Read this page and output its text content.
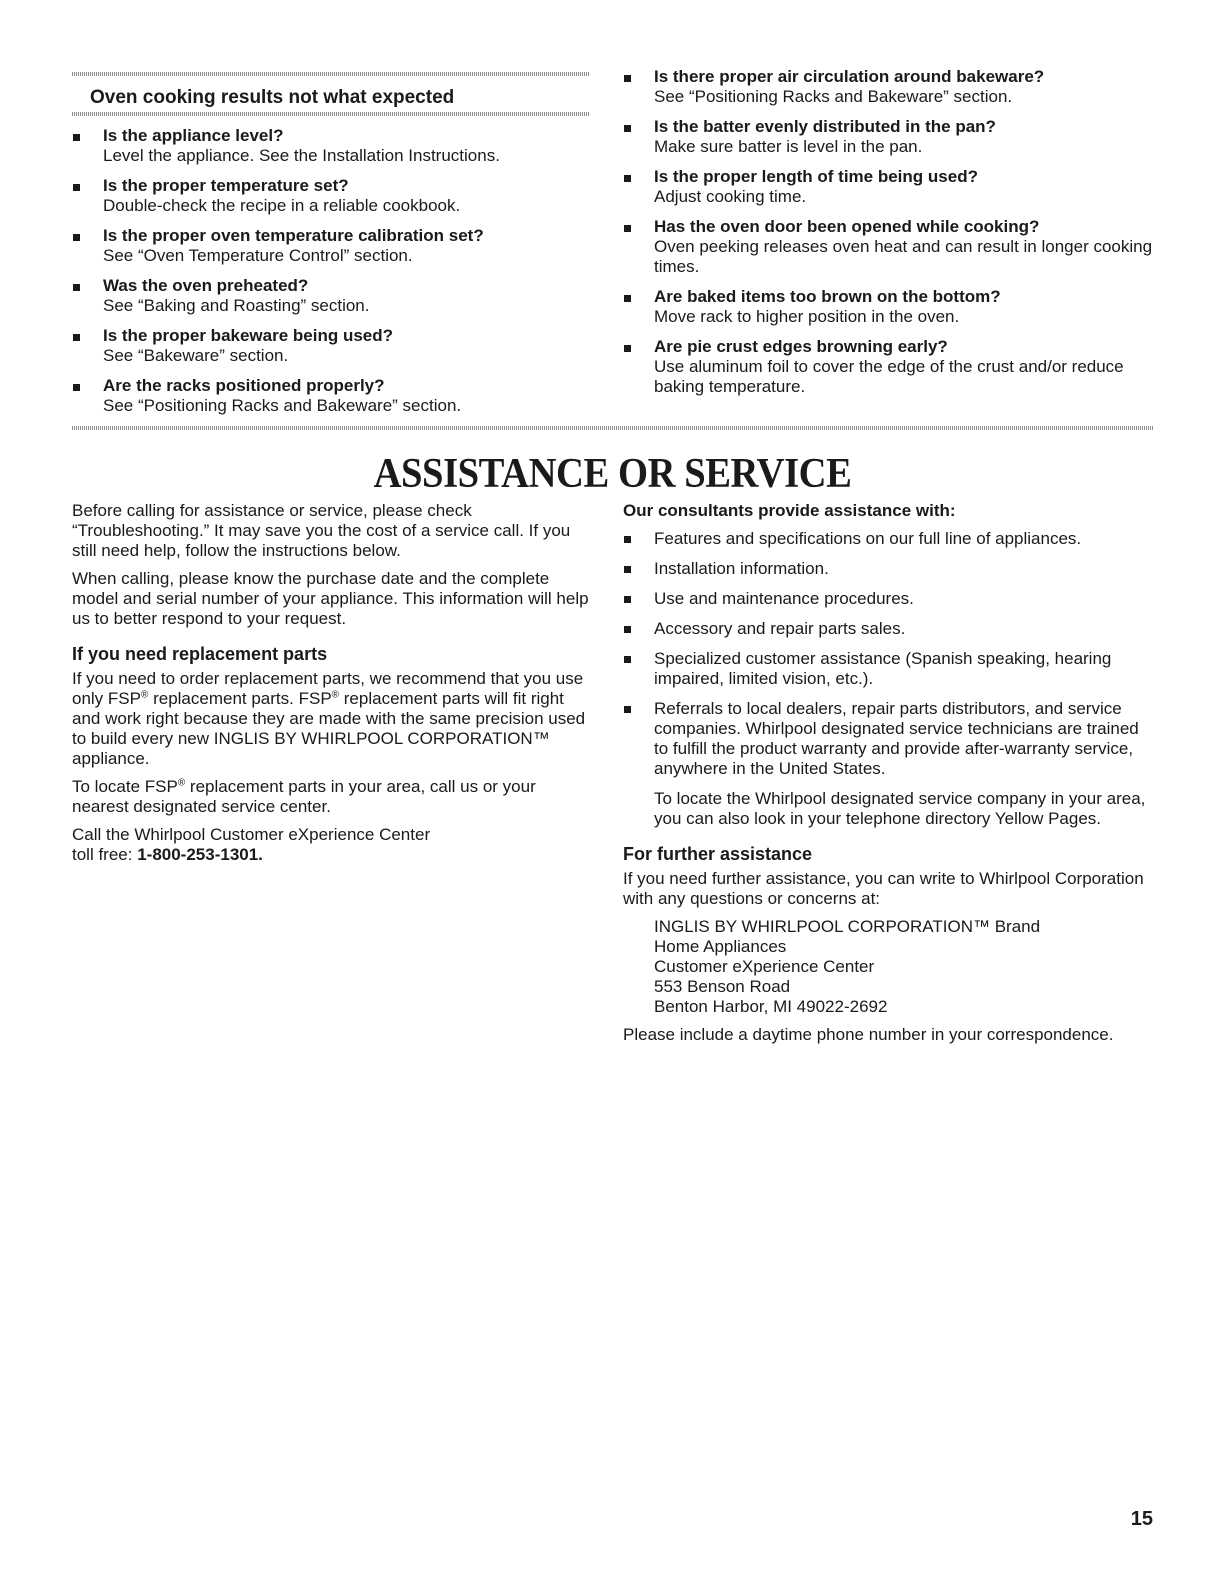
Oven cooking results not what expected
Is the appliance level?
Level the appliance. See the Installation Instructions.
Is the proper temperature set?
Double-check the recipe in a reliable cookbook.
Is the proper oven temperature calibration set?
See “Oven Temperature Control” section.
Was the oven preheated?
See “Baking and Roasting” section.
Is the proper bakeware being used?
See “Bakeware” section.
Are the racks positioned properly?
See “Positioning Racks and Bakeware” section.
Is there proper air circulation around bakeware?
See “Positioning Racks and Bakeware” section.
Is the batter evenly distributed in the pan?
Make sure batter is level in the pan.
Is the proper length of time being used?
Adjust cooking time.
Has the oven door been opened while cooking?
Oven peeking releases oven heat and can result in longer cooking times.
Are baked items too brown on the bottom?
Move rack to higher position in the oven.
Are pie crust edges browning early?
Use aluminum foil to cover the edge of the crust and/or reduce baking temperature.
ASSISTANCE OR SERVICE

Before calling for assistance or service, please check “Troubleshooting.” It may save you the cost of a service call. If you still need help, follow the instructions below.

When calling, please know the purchase date and the complete model and serial number of your appliance. This information will help us to better respond to your request.

If you need replacement parts

If you need to order replacement parts, we recommend that you use only FSP® replacement parts. FSP® replacement parts will fit right and work right because they are made with the same precision used to build every new INGLIS BY WHIRLPOOL CORPORATION™ appliance.

To locate FSP® replacement parts in your area, call us or your nearest designated service center.

Call the Whirlpool Customer eXperience Center
toll free: 1-800-253-1301.

Our consultants provide assistance with:
Features and specifications on our full line of appliances.
Installation information.
Use and maintenance procedures.
Accessory and repair parts sales.
Specialized customer assistance (Spanish speaking, hearing impaired, limited vision, etc.).
Referrals to local dealers, repair parts distributors, and service companies. Whirlpool designated service technicians are trained to fulfill the product warranty and provide after-warranty service, anywhere in the United States.

To locate the Whirlpool designated service company in your area, you can also look in your telephone directory Yellow Pages.

For further assistance

If you need further assistance, you can write to Whirlpool Corporation with any questions or concerns at:

INGLIS BY WHIRLPOOL CORPORATION™ Brand
Home Appliances
Customer eXperience Center
553 Benson Road
Benton Harbor, MI 49022-2692

Please include a daytime phone number in your correspondence.

15
